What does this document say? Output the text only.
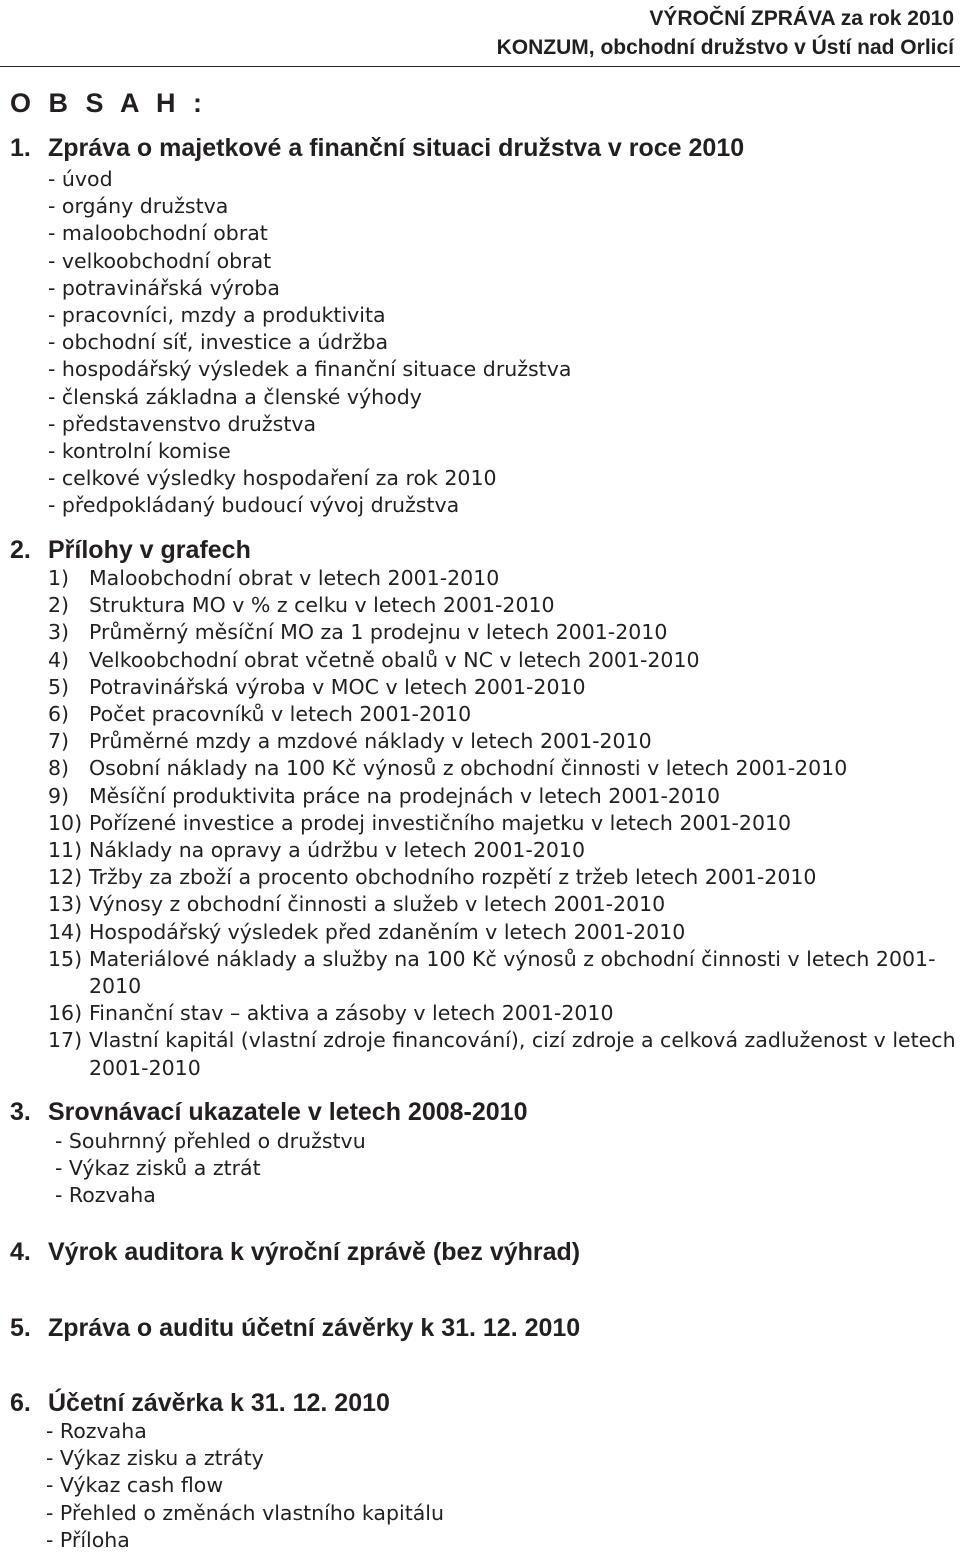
VÝROČNÍ ZPRÁVA za rok 2010
KONZUM, obchodní družstvo v Ústí nad Orlicí
O B S A H :
1. Zpráva o majetkové a finanční situaci družstva v roce 2010
- úvod
- orgány družstva
- maloobchodní obrat
- velkoobchodní obrat
- potravinářská výroba
- pracovníci, mzdy a produktivita
- obchodní síť, investice a údržba
- hospodářský výsledek a finanční situace družstva
- členská základna a členské výhody
- představenstvo družstva
- kontrolní komise
- celkové výsledky hospodaření za rok 2010
- předpokládaný budoucí vývoj družstva
2. Přílohy v grafech
1) Maloobchodní obrat v letech 2001-2010
2) Struktura MO v % z celku v letech 2001-2010
3) Průměrný měsíční MO za 1 prodejnu v letech 2001-2010
4) Velkoobchodní obrat včetně obalů v NC v letech 2001-2010
5) Potravinářská výroba v MOC v letech 2001-2010
6) Počet pracovníků v letech 2001-2010
7) Průměrné mzdy a mzdové náklady v letech 2001-2010
8) Osobní náklady na 100 Kč výnosů z obchodní činnosti v letech 2001-2010
9) Měsíční produktivita práce na prodejnách v letech 2001-2010
10) Pořízené investice a prodej investičního majetku v letech 2001-2010
11) Náklady na opravy a údržbu v letech 2001-2010
12) Tržby za zboží a procento obchodního rozpětí z tržeb letech 2001-2010
13) Výnosy z obchodní činnosti a služeb v letech 2001-2010
14) Hospodářský výsledek před zdaněním v letech 2001-2010
15) Materiálové náklady a služby na 100 Kč výnosů z obchodní činnosti v letech 2001-2010
16) Finanční stav – aktiva a zásoby v letech 2001-2010
17) Vlastní kapitál (vlastní zdroje financování), cizí zdroje a celková zadluženost v letech 2001-2010
3. Srovnávací ukazatele v letech 2008-2010
- Souhrnný přehled o družstvu
- Výkaz zisků a ztrát
- Rozvaha
4. Výrok auditora k výroční zprávě (bez výhrad)
5. Zpráva o auditu účetní závěrky k 31. 12. 2010
6. Účetní závěrka k 31. 12. 2010
- Rozvaha
- Výkaz zisku a ztráty
- Výkaz cash flow
- Přehled o změnách vlastního kapitálu
- Příloha
